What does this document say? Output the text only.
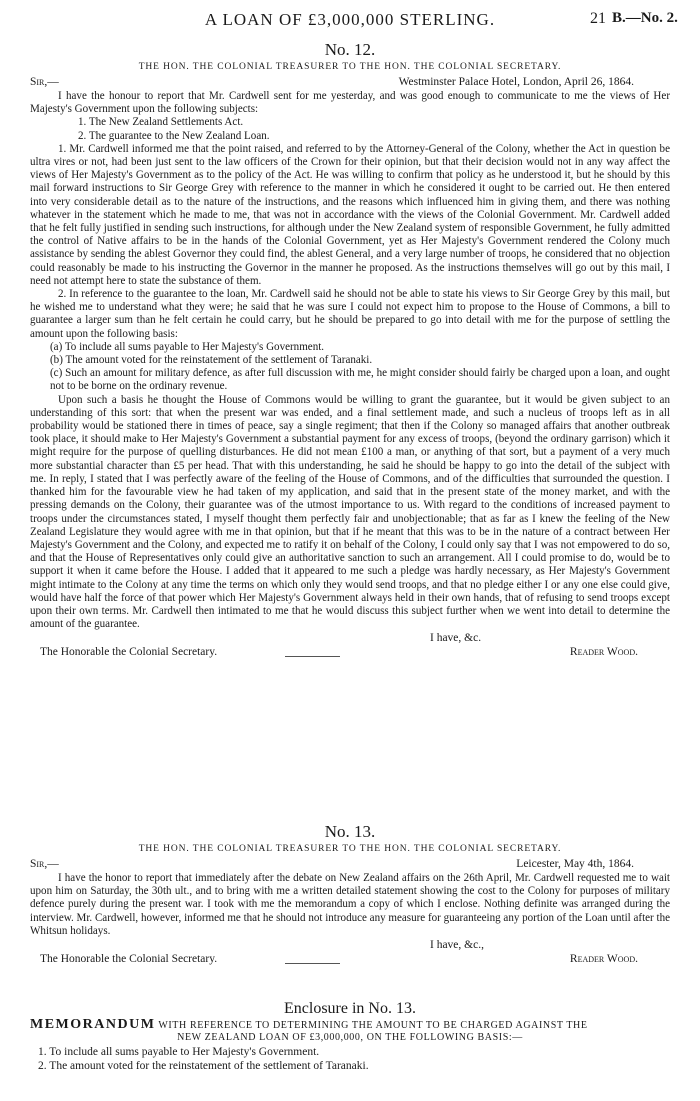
A LOAN OF £3,000,000 STERLING.	21 B.—No. 2.
No. 12.
THE HON. THE COLONIAL TREASURER TO THE HON. THE COLONIAL SECRETARY.
Sir,—	Westminster Palace Hotel, London, April 26, 1864.

I have the honour to report that Mr. Cardwell sent for me yesterday, and was good enough to communicate to me the views of Her Majesty's Government upon the following subjects:

1. The New Zealand Settlements Act.
2. The guarantee to the New Zealand Loan.

1. Mr. Cardwell informed me that the point raised, and referred to by the Attorney-General of the Colony, whether the Act in question be ultra vires or not, had been just sent to the law officers of the Crown for their opinion, but that their decision would not in any way affect the views of Her Majesty's Government as to the policy of the Act. He was willing to confirm that policy as he understood it, but he should by this mail forward instructions to Sir George Grey with reference to the manner in which he considered it ought to be carried out. He then entered into very considerable detail as to the nature of the instructions, and the reasons which influenced him in giving them, and there was nothing whatever in the statement which he made to me, that was not in accordance with the views of the Colonial Government. Mr. Cardwell added that he felt fully justified in sending such instructions, for although under the New Zealand system of responsible Government, he fully admitted the control of Native affairs to be in the hands of the Colonial Government, yet as Her Majesty's Government rendered the Colony much assistance by sending the ablest Governor they could find, the ablest General, and a very large number of troops, he considered that no objection could reasonably be made to his instructing the Governor in the manner he proposed. As the instructions themselves will go out by this mail, I need not attempt here to state the substance of them.

2. In reference to the guarantee to the loan, Mr. Cardwell said he should not be able to state his views to Sir George Grey by this mail, but he wished me to understand what they were; he said that he was sure I could not expect him to propose to the House of Commons, a bill to guarantee a larger sum than he felt certain he could carry, but he should be prepared to go into detail with me for the purpose of settling the amount upon the following basis:

(a) To include all sums payable to Her Majesty's Government.
(b) The amount voted for the reinstatement of the settlement of Taranaki.
(c) Such an amount for military defence, as after full discussion with me, he might consider should fairly be charged upon a loan, and ought not to be borne on the ordinary revenue.

Upon such a basis he thought the House of Commons would be willing to grant the guarantee, but it would be given subject to an understanding of this sort: that when the present war was ended, and a final settlement made, and such a nucleus of troops left as in all probability would be stationed there in times of peace, say a single regiment; that then if the Colony so managed affairs that another outbreak took place, it should make to Her Majesty's Government a substantial payment for any excess of troops, (beyond the ordinary garrison) which it might require for the purpose of quelling disturbances. He did not mean £100 a man, or anything of that sort, but a payment of a very much more substantial character than £5 per head. That with this understanding, he said he should be happy to go into the detail of the subject with me. In reply, I stated that I was perfectly aware of the feeling of the House of Commons, and of the difficulties that surrounded the question. I thanked him for the favourable view he had taken of my application, and said that in the present state of the money market, and with the pressing demands on the Colony, their guarantee was of the utmost importance to us. With regard to the conditions of increased payment to troops under the circumstances stated, I myself thought them perfectly fair and unobjectionable; that as far as I knew the feeling of the New Zealand Legislature they would agree with me in that opinion, but that if he meant that this was to be in the nature of a contract between Her Majesty's Government and the Colony, and expected me to ratify it on behalf of the Colony, I could only say that I was not empowered to do so, and that the House of Representatives only could give an authoritative sanction to such an arrangement. All I could promise to do, would be to support it when it came before the House. I added that it appeared to me such a pledge was hardly necessary, as Her Majesty's Government might intimate to the Colony at any time the terms on which only they would send troops, and that no pledge either I or any one else could give, would have half the force of that power which Her Majesty's Government always held in their own hands, that of refusing to send troops except upon their own terms. Mr. Cardwell then intimated to me that he would discuss this subject further when we went into detail to determine the amount of the guarantee.

I have, &c.
The Honorable the Colonial Secretary.	Reader Wood.
No. 13.
THE HON. THE COLONIAL TREASURER TO THE HON. THE COLONIAL SECRETARY.
Sir,—	Leicester, May 4th, 1864.

I have the honor to report that immediately after the debate on New Zealand affairs on the 26th April, Mr. Cardwell requested me to wait upon him on Saturday, the 30th ult., and to bring with me a written detailed statement showing the cost to the Colony for purposes of military defence purely during the present war. I took with me the memorandum a copy of which I enclose. Nothing definite was arranged during the interview. Mr. Cardwell, however, informed me that he should not introduce any measure for guaranteeing any portion of the Loan until after the Whitsun holidays.

I have, &c.,
The Honorable the Colonial Secretary.	Reader Wood.
Enclosure in No. 13.
MEMORANDUM WITH REFERENCE TO DETERMINING THE AMOUNT TO BE CHARGED AGAINST THE
NEW ZEALAND LOAN OF £3,000,000, ON THE FOLLOWING BASIS:—
1. To include all sums payable to Her Majesty's Government.
2. The amount voted for the reinstatement of the settlement of Taranaki.
